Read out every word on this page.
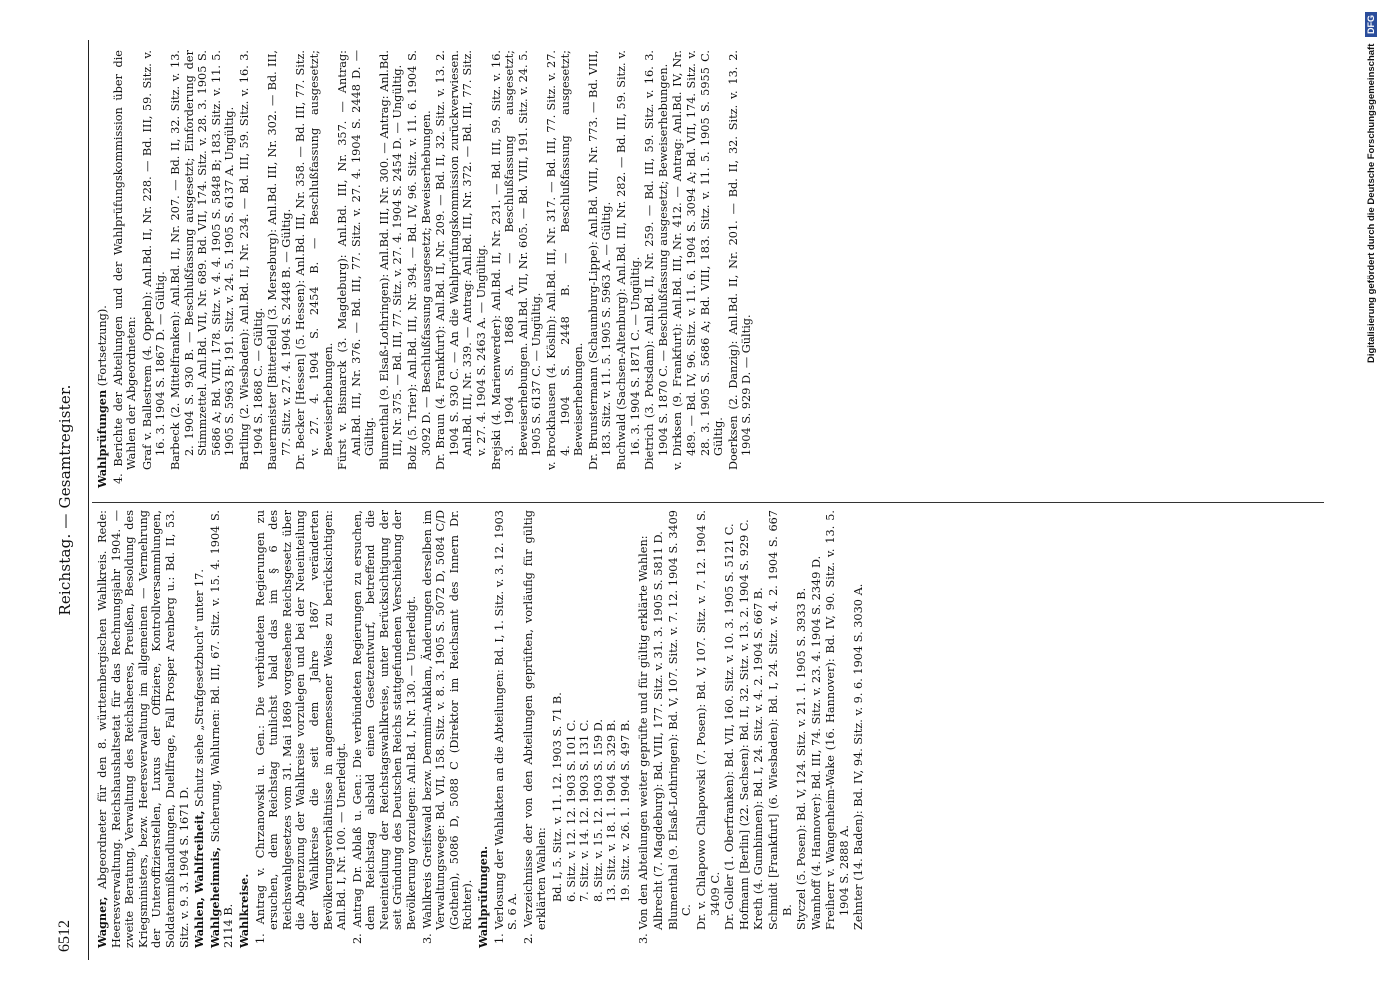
6512
Reichstag. — Gesamtregister.

Wagner, Abgeordneter für den 8. württembergischen Wahlkreis. Rede: Heeresverwaltung. Reichshaushaltsetat für das Rechnungsjahr 1904. — zweite Beratung, Verwaltung des Reichsheeres, Preußen, Besoldung des Kriegsministers, bezw. Heeresverwaltung im allgemeinen — Vermehrung der Unteroffizierstellen, Luxus der Offiziere, Kontrollversammlungen, Soldatenmißhandlungen, Duellfrage, Fall Prosper Arenberg u.: Bd. II, 53. Sitz. v. 9. 3. 1904 S. 1671 D. Wahlen, Wahlfreiheit, Schutz siehe „Strafgesetzbuch“ unter 17.

Wahlgeheimnis, Sicherung, Wahlurnen: Bd. III, 67. Sitz. v. 15. 4. 1904 S. 2114 B. Wahlkreise. 1. Antrag v. Chrzanowski u. Gen.: Die verbündeten Regierungen zu ersuchen, dem Reichstag tunlichst bald das im § 6 des Reichswahlgesetzes vom 31. Mai 1869 vorgesehene Reichsgesetz über die Abgrenzung der Wahlkreise vorzulegen und bei der Neueinteilung der Wahlkreise die seit dem Jahre 1867 veränderten Bevölkerungsverhältnisse in angemessener Weise zu berücksichtigen: Anl.Bd. I, Nr. 100. — Unerledigt.

2. Antrag Dr. Ablaß u. Gen.: Die verbündeten Regierungen zu ersuchen, dem Reichstag alsbald einen Gesetzentwurf, betreffend die Neueinteilung der Reichstagswahlkreise, unter Berücksichtigung der seit Gründung des Deutschen Reichs stattgefundenen Verschiebung der Bevölkerung vorzulegen: Anl.Bd. I, Nr. 130. — Unerledigt.

3. Wahlkreis Greifswald bezw. Demmin-Anklam, Änderungen derselben im Verwaltungswege: Bd. VII, 158. Sitz. v. 8. 3. 1905 S. 5072 D, 5084 C/D (Gothein), 5086 D, 5088 C (Direktor im Reichsamt des Innern Dr. Richter). Wahlprüfungen. 1. Verlosung der Wahlakten an die Abteilungen: Bd. I, 1. Sitz. v. 3. 12. 1903 S. 6 A.

2. Verzeichnisse der von den Abteilungen geprüften, vorläufig für gültig erklärten Wahlen: Bd. I, 5. Sitz. v. 11. 12. 1903 S. 71 B. 6. Sitz. v. 12. 12. 1903 S. 101 C. 7. Sitz. v. 14. 12. 1903 S. 131 C. 8. Sitz. v. 15. 12. 1903 S. 159 D. 13. Sitz. v. 18. 1. 1904 S. 329 B. 19. Sitz. v. 26. 1. 1904 S. 497 B.

3. Von den Abteilungen weiter geprüfte und für gültig erklärte Wahlen: Albrecht (7. Magdeburg): Bd. VIII, 177. Sitz. v. 31. 3. 1905 S. 5811 D. Blumenthal (9. Elsaß-Lothringen): Bd. V, 107. Sitz. v. 7. 12. 1904 S. 3409 C. Dr. v. Chlapowo Chlapowski (7. Posen): Bd. V, 107. Sitz. v. 7. 12. 1904 S. 3409 C. Dr. Goller (1. Oberfranken): Bd. VII, 160. Sitz. v. 10. 3. 1905 S. 5121 C. Hofmann [Berlin] (22. Sachsen): Bd. II, 32. Sitz. v. 13. 2. 1904 S. 929 C. Kreth (4. Gumbinnen): Bd. I, 24. Sitz. v. 4. 2. 1904 S. 667 B. Schmidt [Frankfurt] (6. Wiesbaden): Bd. I, 24. Sitz. v. 4. 2. 1904 S. 667 B. Styczel (5. Posen): Bd. V, 124. Sitz. v. 21. 1. 1905 S. 3933 B. Wamhoff (4. Hannover): Bd. III, 74. Sitz. v. 23. 4. 1904 S. 2349 D. Freiherr v. Wangenheim-Wake (16. Hannover): Bd. IV, 90. Sitz. v. 13. 5. 1904 S. 2888 A. Zehnter (14. Baden): Bd. IV, 94. Sitz. v. 9. 6. 1904 S. 3030 A.

Wahlprüfungen (Fortsetzung).

4. Berichte der Abteilungen und der Wahlprüfungskommission über die Wahlen der Abgeordneten: Graf v. Ballestrem (4. Oppeln): Anl.Bd. II, Nr. 228. — Bd. III, 59. Sitz. v. 16. 3. 1904 S. 1867 D. — Gültig. Barbeck (2. Mittelfranken): Anl.Bd. II, Nr. 207. — Bd. II, 32. Sitz. v. 13. 2. 1904 S. 930 B. — Beschlußfassung ausgesetzt; Einforderung der Stimmzettel. Anl.Bd. VII, Nr. 689. Bd. VII, 174. Sitz. v. 28. 3. 1905 S. 5686 A; Bd. VIII, 178. Sitz. v. 4. 4. 1905 S. 5848 B; 183. Sitz. v. 11. 5. 1905 S. 5963 B; 191. Sitz. v. 24. 5. 1905 S. 6137 A. Ungültig. Bartling (2. Wiesbaden): Anl.Bd. II, Nr. 234. — Bd. III, 59. Sitz. v. 16. 3. 1904 S. 1868 C. — Gültig. Bauermeister [Bitterfeld] (3. Merseburg): Anl.Bd. III, Nr. 302. — Bd. III, 77. Sitz. v. 27. 4. 1904 S. 2448 B. — Gültig. Dr. Becker [Hessen] (5. Hessen): Anl.Bd. III, Nr. 358. — Bd. III, 77. Sitz. v. 27. 4. 1904 S. 2454 B. — Beschlußfassung ausgesetzt; Beweiserhebungen. Fürst v. Bismarck (3. Magdeburg): Anl.Bd. III, Nr. 357. — Antrag: Anl.Bd. III, Nr. 376. — Bd. III, 77. Sitz. v. 27. 4. 1904 S. 2448 D. — Gültig. Blumenthal (9. Elsaß-Lothringen): Anl.Bd. III, Nr. 300. — Antrag: Anl.Bd. III, Nr. 375. — Bd. III, 77. Sitz. v. 27. 4. 1904 S. 2454 D. — Ungültig. Bolz (5. Trier): Anl.Bd. III, Nr. 394. — Bd. IV, 96. Sitz. v. 11. 6. 1904 S. 3092 D. — Beschlußfassung ausgesetzt; Beweiserhebungen. Dr. Braun (4. Frankfurt): Anl.Bd. II, Nr. 209. — Bd. II, 32. Sitz. v. 13. 2. 1904 S. 930 C. — An die Wahlprüfungskommission zurückverwiesen. Anl.Bd. III, Nr. 339. — Antrag: Anl.Bd. III, Nr. 372. — Bd. III, 77. Sitz. v. 27. 4. 1904 S. 2463 A. — Ungültig. Brejski (4. Marienwerder): Anl.Bd. II, Nr. 231. — Bd. III, 59. Sitz. v. 16. 3. 1904 S. 1868 A. — Beschlußfassung ausgesetzt; Beweiserhebungen. Anl.Bd. VII, Nr. 605. — Bd. VIII, 191. Sitz. v. 24. 5. 1905 S. 6137 C. — Ungültig. v. Brockhausen (4. Köslin): Anl.Bd. III, Nr. 317. — Bd. III, 77. Sitz. v. 27. 4. 1904 S. 2448 B. — Beschlußfassung ausgesetzt; Beweiserhebungen. Dr. Brunstermann (Schaumburg-Lippe): Anl.Bd. VIII, Nr. 773. — Bd. VIII, 183. Sitz. v. 11. 5. 1905 S. 5963 A. — Gültig. Buchwald (Sachsen-Altenburg): Anl.Bd. III, Nr. 282. — Bd. III, 59. Sitz. v. 16. 3. 1904 S. 1871 C. — Ungültig. Dietrich (3. Potsdam): Anl.Bd. II, Nr. 259. — Bd. III, 59. Sitz. v. 16. 3. 1904 S. 1870 C. — Beschlußfassung ausgesetzt; Beweiserhebungen. v. Dirksen (9. Frankfurt): Anl.Bd. III, Nr. 412. — Antrag: Anl.Bd. IV, Nr. 489. — Bd. IV, 96. Sitz. v. 11. 6. 1904 S. 3094 A; Bd. VII, 174. Sitz. v. 28. 3. 1905 S. 5686 A; Bd. VIII, 183. Sitz. v. 11. 5. 1905 S. 5955 C. Gültig. Doerksen (2. Danzig): Anl.Bd. II, Nr. 201. — Bd. II, 32. Sitz. v. 13. 2. 1904 S. 929 D. — Gültig.

Digitalisierung gefördert durch die Deutsche Forschungsgemeinschaft DFG
